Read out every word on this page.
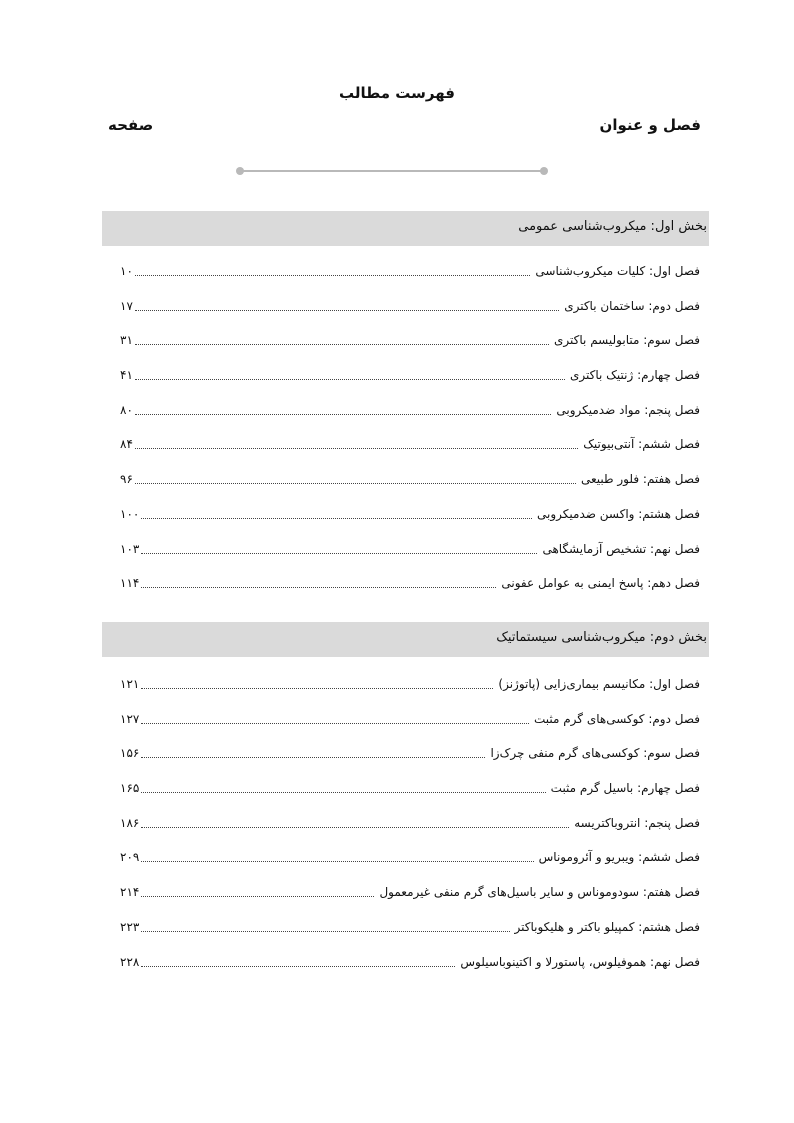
فهرست مطالب
فصل و عنوان
صفحه
بخش اول: میکروب‌شناسی عمومی
فصل اول: کلیات میکروب‌شناسی
۱۰
فصل دوم: ساختمان باکتری
۱۷
فصل سوم: متابولیسم باکتری
۳۱
فصل چهارم: ژنتیک باکتری
۴۱
فصل پنجم: مواد ضدمیکروبی
۸۰
فصل ششم: آنتی‌بیوتیک
۸۴
فصل هفتم: فلور طبیعی
۹۶
فصل هشتم: واکسن ضدمیکروبی
۱۰۰
فصل نهم: تشخیص آزمایشگاهی
۱۰۳
فصل دهم: پاسخ ایمنی به عوامل عفونی
۱۱۴
بخش دوم: میکروب‌شناسی سیستماتیک
فصل اول: مکانیسم بیماری‌زایی (پاتوژنز)
۱۲۱
فصل دوم: کوکسی‌های گرم مثبت
۱۲۷
فصل سوم: کوکسی‌های گرم منفی چرک‌زا
۱۵۶
فصل چهارم: باسیل گرم مثبت
۱۶۵
فصل پنجم: انتروباکتریسه
۱۸۶
فصل ششم: ویبریو و آئروموناس
۲۰۹
فصل هفتم: سودوموناس و سایر باسیل‌های گرم منفی غیرمعمول
۲۱۴
فصل هشتم: کمپیلو باکتر و هلیکوباکتر
۲۲۳
فصل نهم: هموفیلوس، پاستورلا و اکتینوباسیلوس
۲۲۸
